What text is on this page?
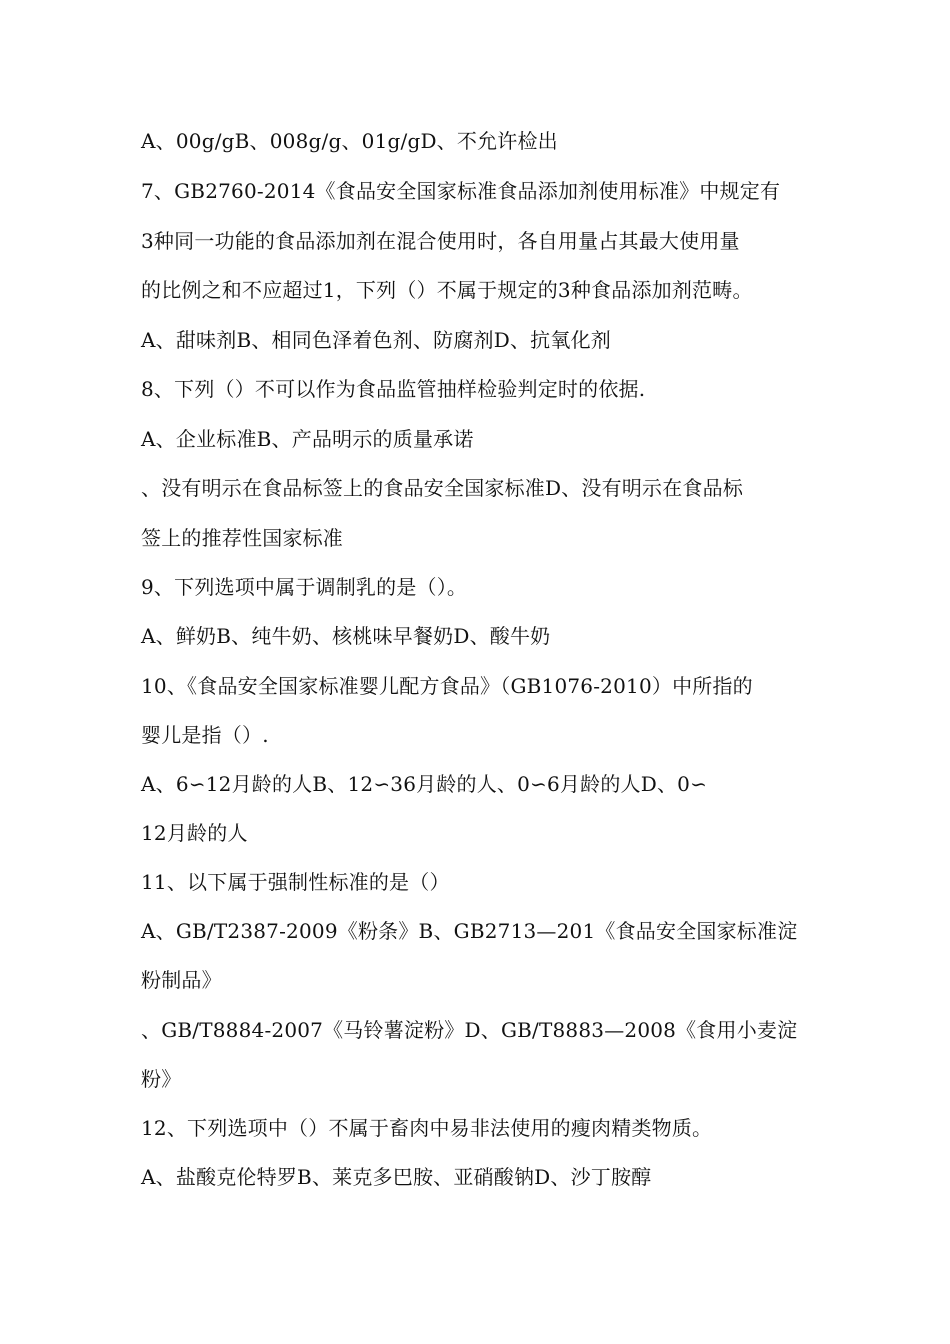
A、00g/gB、008g/g、01g/gD、不允许检出
7、GB2760-2014《食品安全国家标准食品添加剂使用标准》中规定有
3种同一功能的食品添加剂在混合使用时，各自用量占其最大使用量
的比例之和不应超过1，下列（）不属于规定的3种食品添加剂范畴。
A、甜味剂B、相同色泽着色剂、防腐剂D、抗氧化剂
8、下列（）不可以作为食品监管抽样检验判定时的依据.
A、企业标准B、产品明示的质量承诺
、没有明示在食品标签上的食品安全国家标准D、没有明示在食品标
签上的推荐性国家标准
9、下列选项中属于调制乳的是（）。
A、鲜奶B、纯牛奶、核桃味早餐奶D、酸牛奶
10、《食品安全国家标准婴儿配方食品》（GB1076-2010）中所指的
婴儿是指（）.
A、6∽12月龄的人B、12∽36月龄的人、0∽6月龄的人D、0∽
12月龄的人
11、以下属于强制性标准的是（）
A、GB/T2387-2009《粉条》B、GB2713—201《食品安全国家标准淀
粉制品》
、GB/T8884-2007《马铃薯淀粉》D、GB/T8883—2008《食用小麦淀
粉》
12、下列选项中（）不属于畜肉中易非法使用的瘦肉精类物质。
A、盐酸克伦特罗B、莱克多巴胺、亚硝酸钠D、沙丁胺醇
